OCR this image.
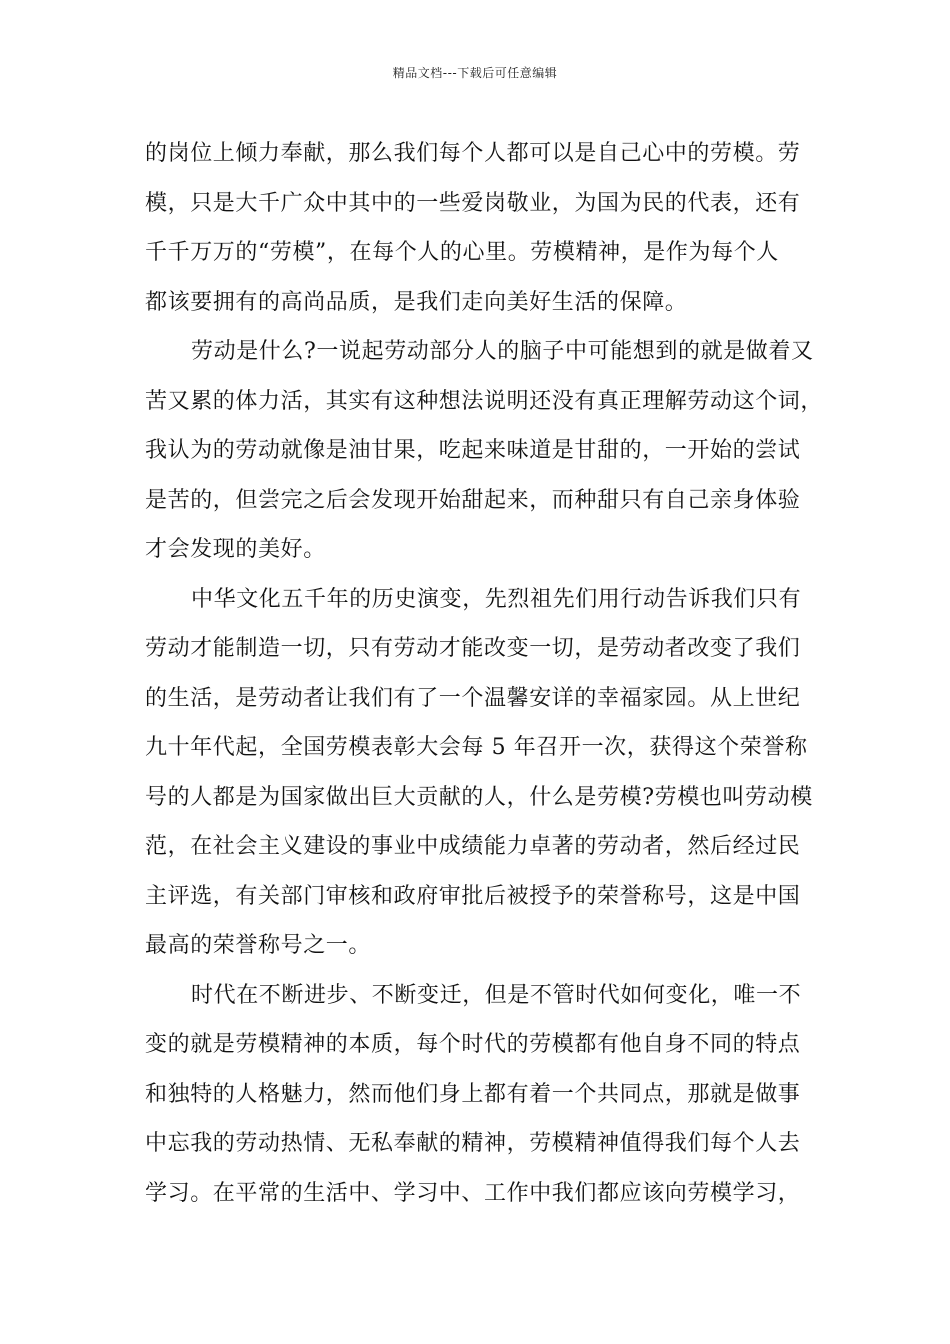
精品文档---下载后可任意编辑
的岗位上倾力奉献，那么我们每个人都可以是自己心中的劳模。劳
模，只是大千广众中其中的一些爱岗敬业，为国为民的代表，还有
千千万万的“劳模”，在每个人的心里。劳模精神，是作为每个人
都该要拥有的高尚品质，是我们走向美好生活的保障。
劳动是什么?一说起劳动部分人的脑子中可能想到的就是做着又
苦又累的体力活，其实有这种想法说明还没有真正理解劳动这个词，
我认为的劳动就像是油甘果，吃起来味道是甘甜的，一开始的尝试
是苦的，但尝完之后会发现开始甜起来，而种甜只有自己亲身体验
才会发现的美好。
中华文化五千年的历史演变，先烈祖先们用行动告诉我们只有
劳动才能制造一切，只有劳动才能改变一切，是劳动者改变了我们
的生活，是劳动者让我们有了一个温馨安详的幸福家园。从上世纪
九十年代起，全国劳模表彰大会每 5 年召开一次，获得这个荣誉称
号的人都是为国家做出巨大贡献的人，什么是劳模?劳模也叫劳动模
范，在社会主义建设的事业中成绩能力卓著的劳动者，然后经过民
主评选，有关部门审核和政府审批后被授予的荣誉称号，这是中国
最高的荣誉称号之一。
时代在不断进步、不断变迁，但是不管时代如何变化，唯一不
变的就是劳模精神的本质，每个时代的劳模都有他自身不同的特点
和独特的人格魅力，然而他们身上都有着一个共同点，那就是做事
中忘我的劳动热情、无私奉献的精神，劳模精神值得我们每个人去
学习。在平常的生活中、学习中、工作中我们都应该向劳模学习，
